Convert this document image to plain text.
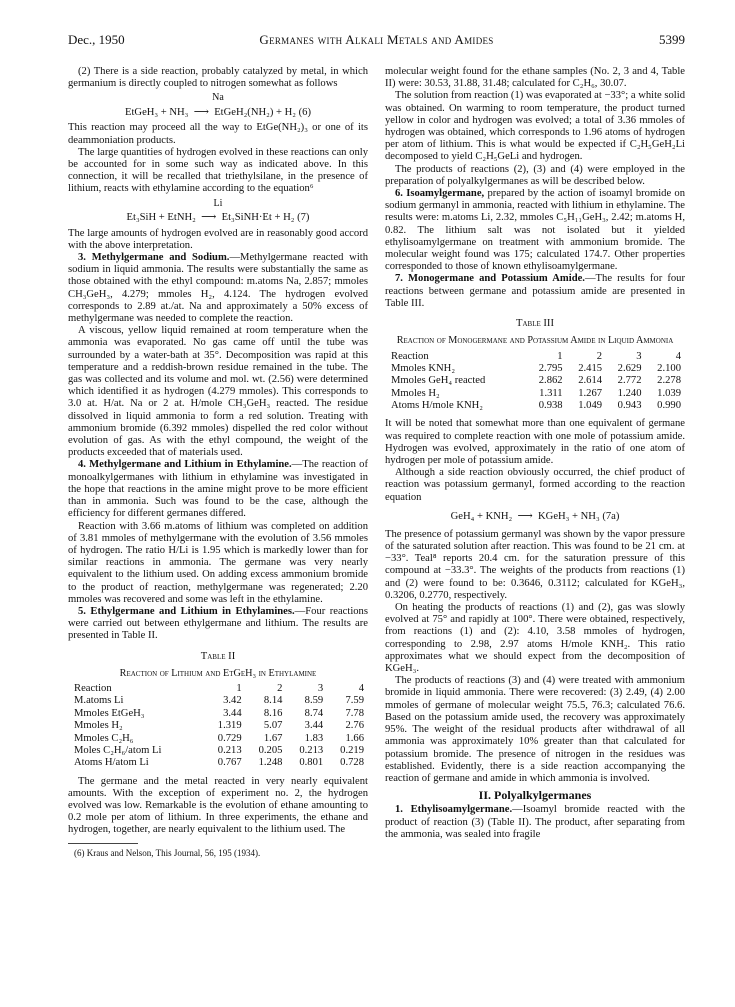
Dec., 1950	Germanes with Alkali Metals and Amides	5399

(2) There is a side reaction, probably catalyzed by metal, in which germanium is directly coupled to nitrogen somewhat as follows

Na
EtGeH₃ + NH₃  ⟶  EtGeH₂(NH₂) + H₂ (6)

This reaction may proceed all the way to EtGe(NH₂)₃ or one of its deammoniation products.

The large quantities of hydrogen evolved in these reactions can only be accounted for in some such way as indicated above. In this connection, it will be recalled that triethylsilane, in the presence of lithium, reacts with ethylamine according to the equation⁶

Li
Et₃SiH + EtNH₂  ⟶  Et₃SiNH·Et + H₂ (7)

The large amounts of hydrogen evolved are in reasonably good accord with the above interpretation.

3. Methylgermane and Sodium.—Methylgermane reacted with sodium in liquid ammonia. The results were substantially the same as those obtained with the ethyl compound: m.atoms Na, 2.857; mmoles CH₃GeH₃, 4.279; mmoles H₂, 4.124. The hydrogen evolved corresponds to 2.89 at./at. Na and approximately a 50% excess of methylgermane was needed to complete the reaction.

A viscous, yellow liquid remained at room temperature when the ammonia was evaporated. No gas came off until the tube was surrounded by a water-bath at 35°. Decomposition was rapid at this temperature and a reddish-brown residue remained in the tube. The gas was collected and its volume and mol. wt. (2.56) were determined which identified it as hydrogen (4.279 mmoles). This corresponds to 3.0 at. H/at. Na or 2 at. H/mole CH₃GeH₃ reacted. The residue dissolved in liquid ammonia to form a red solution. Treating with ammonium bromide (6.392 mmoles) dispelled the red color without evolution of gas. As with the ethyl compound, the weight of the products exceeded that of materials used.

4. Methylgermane and Lithium in Ethylamine.—The reaction of monoalkylgermanes with lithium in ethylamine was investigated in the hope that reactions in the amine might prove to be more efficient than in ammonia. Such was found to be the case, although the efficiency for different germanes differed.

Reaction with 3.66 m.atoms of lithium was completed on addition of 3.81 mmoles of methylgermane with the evolution of 3.56 mmoles of hydrogen. The ratio H/Li is 1.95 which is markedly lower than for similar reactions in ammonia. The germane was very nearly equivalent to the lithium used. On adding excess ammonium bromide to the product of reaction, methylgermane was regenerated; 2.20 mmoles was recovered and some was left in the ethylamine.

5. Ethylgermane and Lithium in Ethylamines.—Four reactions were carried out between ethylgermane and lithium. The results are presented in Table II.

Table II
Reaction of Lithium and EtGeH₃ in Ethylamine
Reaction	1	2	3	4
M.atoms Li	3.42	8.14	8.59	7.59
Mmoles EtGeH₃	3.44	8.16	8.74	7.78
Mmoles H₂	1.319	5.07	3.44	2.76
Mmoles C₂H₆	0.729	1.67	1.83	1.66
Moles C₂H₆/atom Li	0.213	0.205	0.213	0.219
Atoms H/atom Li	0.767	1.248	0.801	0.728

The germane and the metal reacted in very nearly equivalent amounts. With the exception of experiment no. 2, the hydrogen evolved was low. Remarkable is the evolution of ethane amounting to 0.2 mole per atom of lithium. In three experiments, the ethane and hydrogen, together, are nearly equivalent to the lithium used. The

(6) Kraus and Nelson, This Journal, 56, 195 (1934).

molecular weight found for the ethane samples (No. 2, 3 and 4, Table II) were: 30.53, 31.88, 31.48; calculated for C₂H₆, 30.07.

The solution from reaction (1) was evaporated at −33°; a white solid was obtained. On warming to room temperature, the product turned yellow in color and hydrogen was evolved; a total of 3.36 mmoles of hydrogen was obtained, which corresponds to 1.96 atoms of hydrogen per atom of lithium. This is what would be expected if C₂H₅GeH₂Li decomposed to yield C₂H₅GeLi and hydrogen.

The products of reactions (2), (3) and (4) were employed in the preparation of polyalkylgermanes as will be described below.

6. Isoamylgermane, prepared by the action of isoamyl bromide on sodium germanyl in ammonia, reacted with lithium in ethylamine. The results were: m.atoms Li, 2.32, mmoles C₅H₁₁GeH₃, 2.42; m.atoms H, 0.82. The lithium salt was not isolated but it yielded ethylisoamylgermane on treatment with ammonium bromide. The molecular weight found was 175; calculated 174.7. Other properties corresponded to those of known ethylisoamylgermane.

7. Monogermane and Potassium Amide.—The results for four reactions between germane and potassium amide are presented in Table III.

Table III
Reaction of Monogermane and Potassium Amide in Liquid Ammonia
Reaction	1	2	3	4
Mmoles KNH₂	2.795	2.415	2.629	2.100
Mmoles GeH₄ reacted	2.862	2.614	2.772	2.278
Mmoles H₂	1.311	1.267	1.240	1.039
Atoms H/mole KNH₂	0.938	1.049	0.943	0.990

It will be noted that somewhat more than one equivalent of germane was required to complete reaction with one mole of potassium amide. Hydrogen was evolved, approximately in the ratio of one atom of hydrogen per mole of potassium amide.

Although a side reaction obviously occurred, the chief product of reaction was potassium germanyl, formed according to the reaction equation

GeH₄ + KNH₂  ⟶  KGeH₃ + NH₃ (7a)

The presence of potassium germanyl was shown by the vapor pressure of the saturated solution after reaction. This was found to be 21 cm. at −33°. Teal⁸ reports 20.4 cm. for the saturation pressure of this compound at −33.3°. The weights of the products from reactions (1) and (2) were found to be: 0.3646, 0.3112; calculated for KGeH₃, 0.3206, 0.2770, respectively.

On heating the products of reactions (1) and (2), gas was slowly evolved at 75° and rapidly at 100°. There were obtained, respectively, from reactions (1) and (2): 4.10, 3.58 mmoles of hydrogen, corresponding to 2.98, 2.97 atoms H/mole KNH₂. This ratio approximates what we should expect from the decomposition of KGeH₃.

The products of reactions (3) and (4) were treated with ammonium bromide in liquid ammonia. There were recovered: (3) 2.49, (4) 2.00 mmoles of germane of molecular weight 75.5, 76.3; calculated 76.6. Based on the potassium amide used, the recovery was approximately 95%. The weight of the residual products after withdrawal of all ammonia was approximately 10% greater than that calculated for potassium bromide. The presence of nitrogen in the residues was established. Evidently, there is a side reaction accompanying the reaction of germane and amide in which ammonia is involved.

II. Polyalkylgermanes

1. Ethylisoamylgermane.—Isoamyl bromide reacted with the product of reaction (3) (Table II). The product, after separating from the ammonia, was sealed into fragile
